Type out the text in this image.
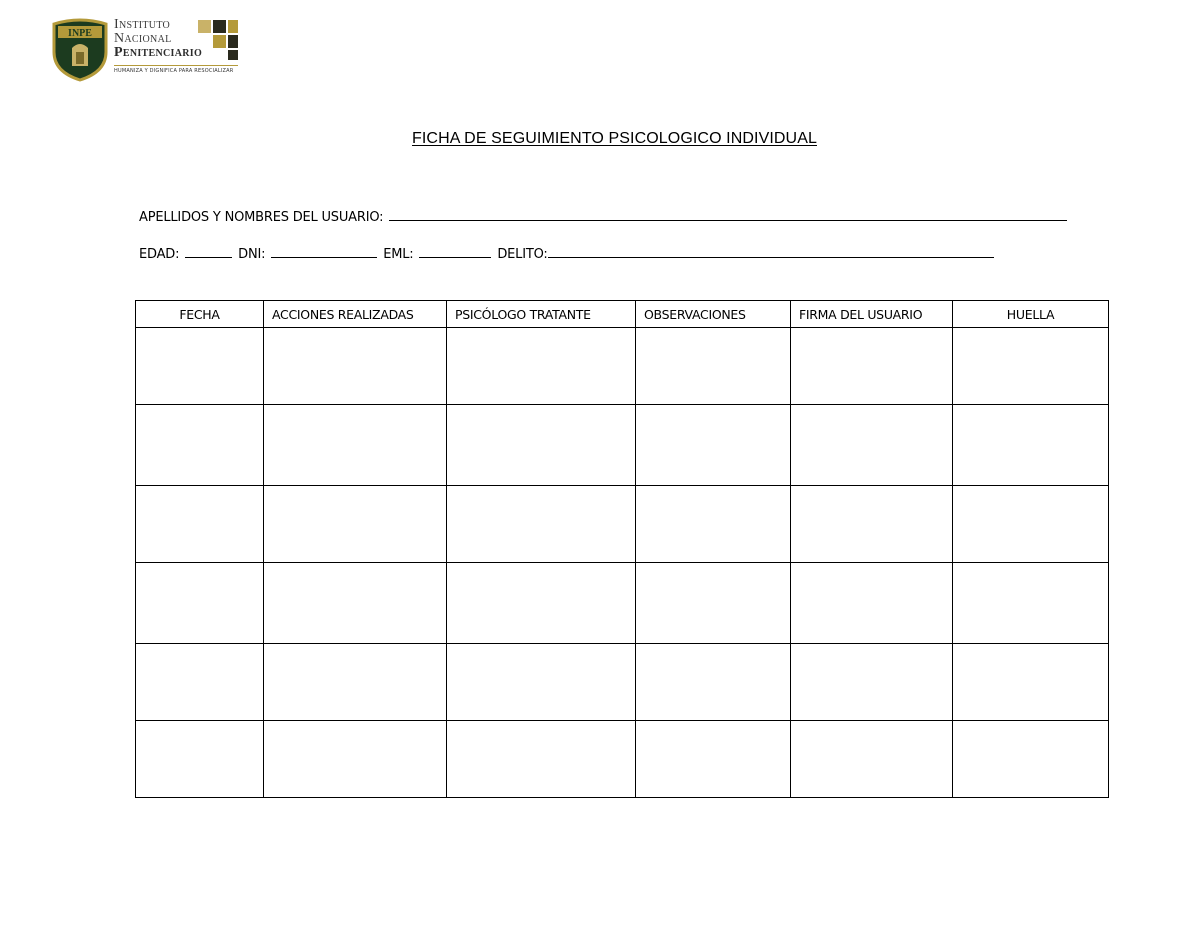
INPE
Instituto
Nacional
Penitenciario
HUMANIZA Y DIGNIFICA PARA RESOCIALIZAR
FICHA DE SEGUIMIENTO PSICOLOGICO INDIVIDUAL
APELLIDOS Y NOMBRES DEL USUARIO:
EDAD:	DNI:	EML:	DELITO:
FECHA	ACCIONES REALIZADAS	PSICÓLOGO TRATANTE	OBSERVACIONES	FIRMA DEL USUARIO	HUELLA
